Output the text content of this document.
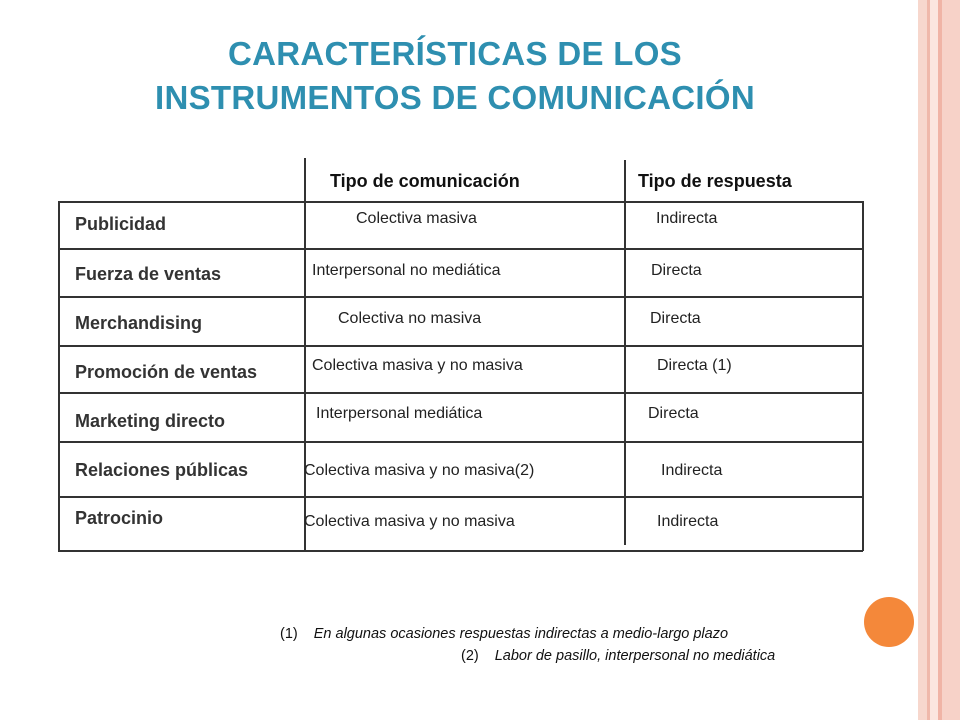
CARACTERÍSTICAS DE LOS
INSTRUMENTOS DE COMUNICACIÓN
Tipo de comunicación	Tipo de respuesta
Publicidad
Fuerza de ventas
Merchandising
Promoción de ventas
Marketing directo
Relaciones públicas
Patrocinio
Colectiva masiva
Interpersonal no mediática
Colectiva no masiva
Colectiva masiva y no masiva
Interpersonal mediática
Colectiva masiva y no masiva(2)
Colectiva masiva y no masiva
Indirecta
Directa
Directa
Directa (1)
Directa
Indirecta
Indirecta
(1) En algunas ocasiones respuestas indirectas a medio-largo plazo
(2) Labor de pasillo, interpersonal no mediática
